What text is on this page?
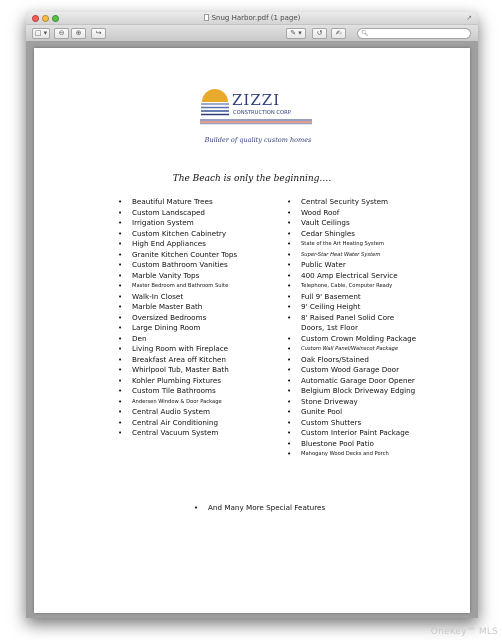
Snug Harbor.pdf (1 page)	↗
□ ▾	⊖	⊕	↪	✎ ▾	↺	✍	🔍︎
ZIZZI
CONSTRUCTION CORP.
Builder of quality custom homes
The Beach is only the beginning….
• Beautiful Mature Trees
• Custom Landscaped
• Irrigation System
• Custom Kitchen Cabinetry
• High End Appliances
• Granite Kitchen Counter Tops
• Custom Bathroom Vanities
• Marble Vanity Tops
• Master Bedroom and Bathroom Suite
• Walk-In Closet
• Marble Master Bath
• Oversized Bedrooms
• Large Dining Room
• Den
• Living Room with Fireplace
• Breakfast Area off Kitchen
• Whirlpool Tub, Master Bath
• Kohler Plumbing Fixtures
• Custom Tile Bathrooms
• Andersen Window & Door Package
• Central Audio System
• Central Air Conditioning
• Central Vacuum System
• Central Security System
• Wood Roof
• Vault Ceilings
• Cedar Shingles
• State of the Art Heating System
• Super-Star Heat Water System
• Public Water
• 400 Amp Electrical Service
• Telephone, Cable, Computer Ready
• Full 9' Basement
• 9' Ceiling Height
• 8' Raised Panel Solid Core
Doors, 1st Floor
• Custom Crown Molding Package
• Custom Wall Panel/Wainscot Package
• Oak Floors/Stained
• Custom Wood Garage Door
• Automatic Garage Door Opener
• Belgium Block Driveway Edging
• Stone Driveway
• Gunite Pool
• Custom Shutters
• Custom Interior Paint Package
• Bluestone Pool Patio
• Mahogany Wood Decks and Porch
• And Many More Special Features
OneKey™ MLS
